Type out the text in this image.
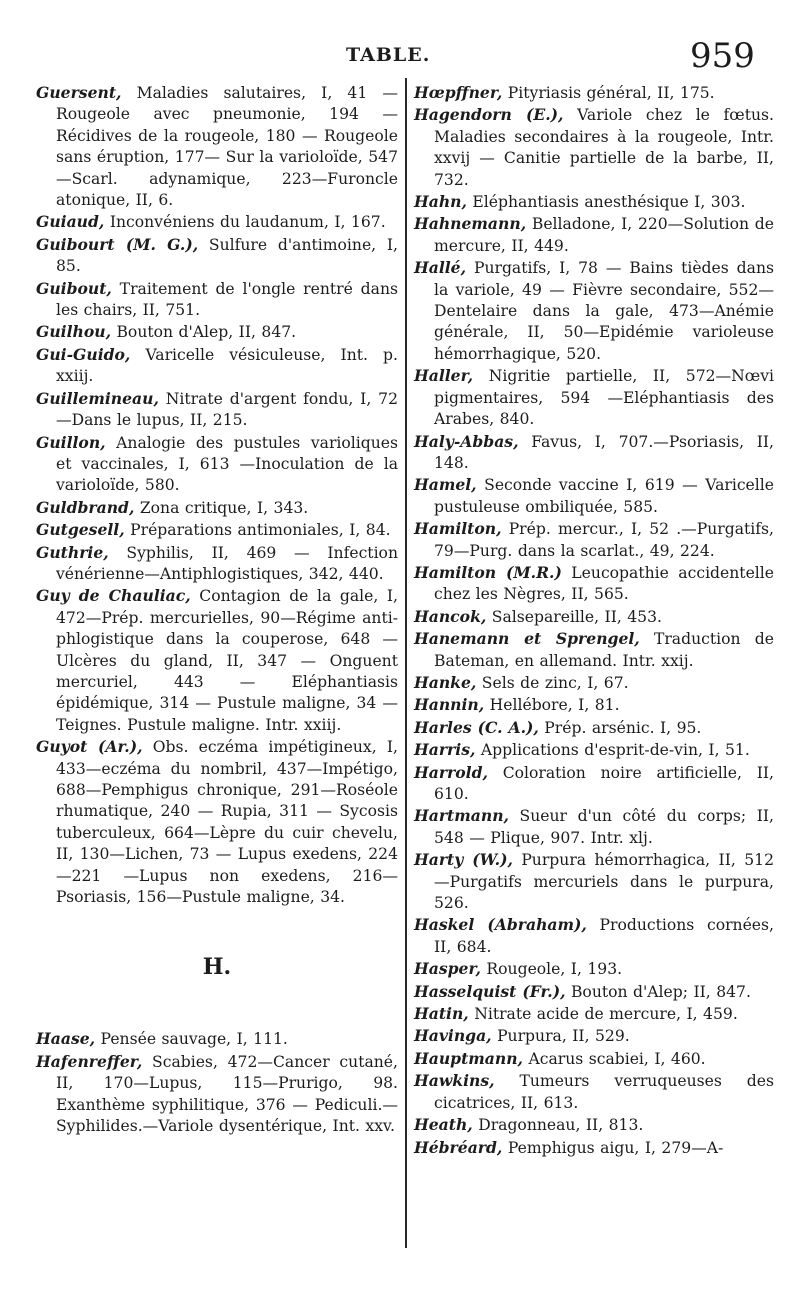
TABLE.	959

Guersent, Maladies salutaires, I, 41 — Rougeole avec pneumonie, 194 — Récidives de la rougeole, 180 — Rougeole sans éruption, 177— Sur la varioloïde, 547—Scarl. adynamique, 223—Furoncle atonique, II, 6.

Guiaud, Inconvéniens du laudanum, I, 167.

Guibourt (M. G.), Sulfure d'antimoine, I, 85.

Guibout, Traitement de l'ongle rentré dans les chairs, II, 751.

Guilhou, Bouton d'Alep, II, 847.

Gui-Guido, Varicelle vésiculeuse, Int. p. xxiij.

Guillemineau, Nitrate d'argent fondu, I, 72—Dans le lupus, II, 215.

Guillon, Analogie des pustules varioliques et vaccinales, I, 613 —Inoculation de la varioloïde, 580.

Guldbrand, Zona critique, I, 343.

Gutgesell, Préparations antimoniales, I, 84.

Guthrie, Syphilis, II, 469 — Infection vénérienne—Antiphlogistiques, 342, 440.

Guy de Chauliac, Contagion de la gale, I, 472—Prép. mercurielles, 90—Régime anti-phlogistique dans la couperose, 648 —Ulcères du gland, II, 347 — Onguent mercuriel, 443 — Eléphantiasis épidémique, 314 — Pustule maligne, 34 — Teignes. Pustule maligne. Intr. xxiij.

Guyot (Ar.), Obs. eczéma impétigineux, I, 433—eczéma du nombril, 437—Impétigo, 688—Pemphigus chronique, 291—Roséole rhumatique, 240 — Rupia, 311 — Sycosis tuberculeux, 664—Lèpre du cuir chevelu, II, 130—Lichen, 73 — Lupus exedens, 224—221 —Lupus non exedens, 216—Psoriasis, 156—Pustule maligne, 34.

H.

Haase, Pensée sauvage, I, 111.

Hafenreffer, Scabies, 472—Cancer cutané, II, 170—Lupus, 115—Prurigo, 98. Exanthème syphilitique, 376 — Pediculi.—Syphilides.—Variole dysentérique, Int. xxv.

Hœpffner, Pityriasis général, II, 175.

Hagendorn (E.), Variole chez le fœtus. Maladies secondaires à la rougeole, Intr. xxvij — Canitie partielle de la barbe, II, 732.

Hahn, Eléphantiasis anesthésique I, 303.

Hahnemann, Belladone, I, 220—Solution de mercure, II, 449.

Hallé, Purgatifs, I, 78 — Bains tièdes dans la variole, 49 — Fièvre secondaire, 552—Dentelaire dans la gale, 473—Anémie générale, II, 50—Epidémie varioleuse hémorrhagique, 520.

Haller, Nigritie partielle, II, 572—Nœvi pigmentaires, 594 —Eléphantiasis des Arabes, 840.

Haly-Abbas, Favus, I, 707.—Psoriasis, II, 148.

Hamel, Seconde vaccine I, 619 — Varicelle pustuleuse ombiliquée, 585.

Hamilton, Prép. mercur., I, 52 .—Purgatifs, 79—Purg. dans la scarlat., 49, 224.

Hamilton (M.R.) Leucopathie accidentelle chez les Nègres, II, 565.

Hancok, Salsepareille, II, 453.

Hanemann et Sprengel, Traduction de Bateman, en allemand. Intr. xxij.

Hanke, Sels de zinc, I, 67.

Hannin, Hellébore, I, 81.

Harles (C. A.), Prép. arsénic. I, 95.

Harris, Applications d'esprit-de-vin, I, 51.

Harrold, Coloration noire artificielle, II, 610.

Hartmann, Sueur d'un côté du corps; II, 548 — Plique, 907. Intr. xlj.

Harty (W.), Purpura hémorrhagica, II, 512 —Purgatifs mercuriels dans le purpura, 526.

Haskel (Abraham), Productions cornées, II, 684.

Hasper, Rougeole, I, 193.

Hasselquist (Fr.), Bouton d'Alep; II, 847.

Hatin, Nitrate acide de mercure, I, 459.

Havinga, Purpura, II, 529.

Hauptmann, Acarus scabiei, I, 460.

Hawkins, Tumeurs verruqueuses des cicatrices, II, 613.

Heath, Dragonneau, II, 813.

Hébréard, Pemphigus aigu, I, 279—A-
